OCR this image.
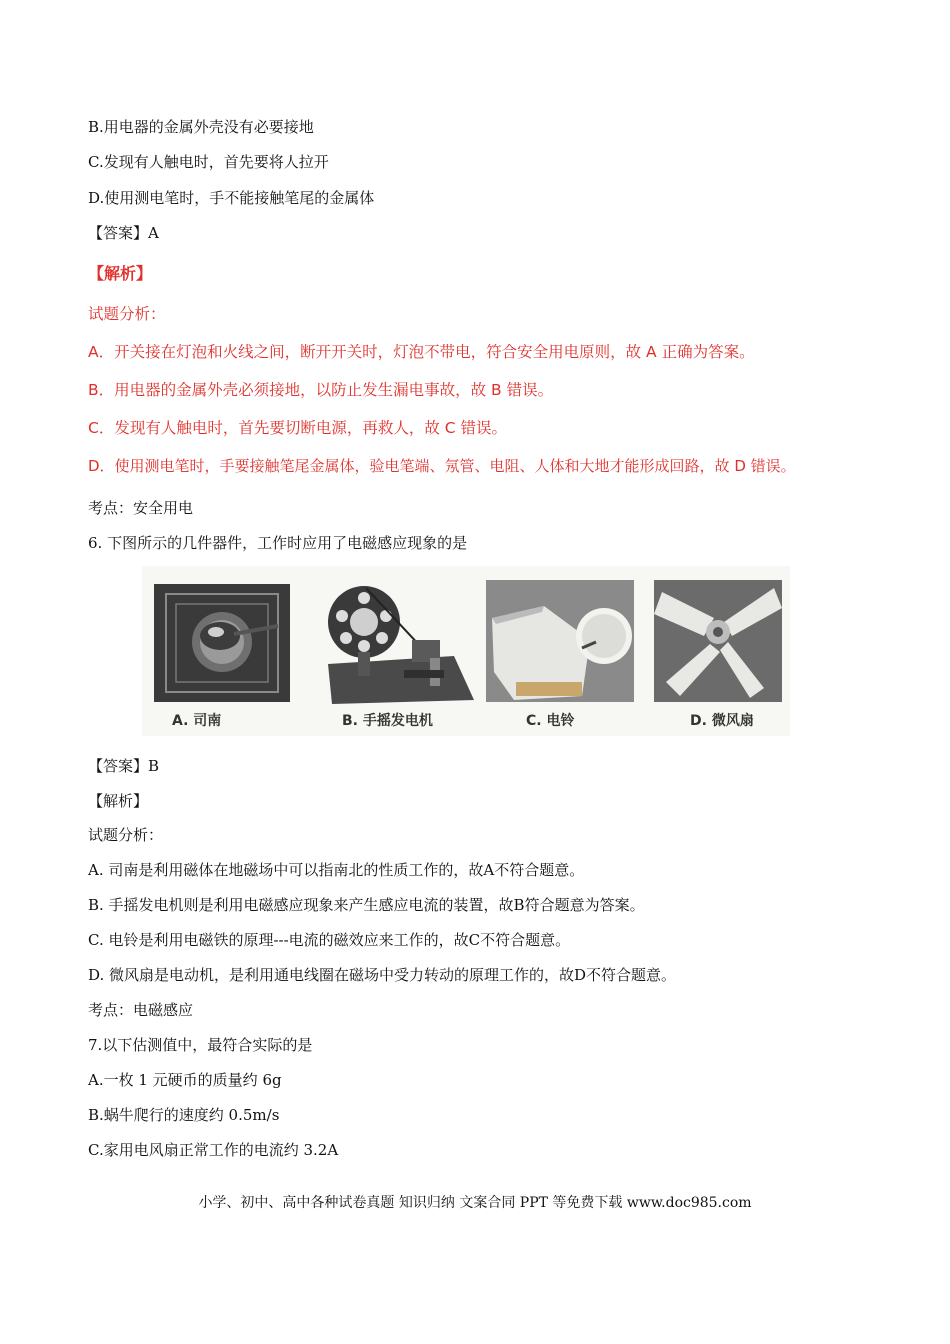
B.用电器的金属外壳没有必要接地
C.发现有人触电时，首先要将人拉开
D.使用测电笔时，手不能接触笔尾的金属体
【答案】A
【解析】
试题分析：
A．开关接在灯泡和火线之间，断开开关时，灯泡不带电，符合安全用电原则，故 A 正确为答案。
B．用电器的金属外壳必须接地，以防止发生漏电事故，故 B 错误。
C．发现有人触电时，首先要切断电源，再救人，故 C 错误。
D．使用测电笔时，手要接触笔尾金属体，验电笔端、氖管、电阻、人体和大地才能形成回路，故 D 错误。
考点：安全用电
6. 下图所示的几件器件，工作时应用了电磁感应现象的是
A. 司南	B. 手摇发电机	C. 电铃	D. 微风扇
【答案】B
【解析】
试题分析：
A. 司南是利用磁体在地磁场中可以指南北的性质工作的，故A不符合题意。
B. 手摇发电机则是利用电磁感应现象来产生感应电流的装置，故B符合题意为答案。
C. 电铃是利用电磁铁的原理---电流的磁效应来工作的，故C不符合题意。
D. 微风扇是电动机，是利用通电线圈在磁场中受力转动的原理工作的，故D不符合题意。
考点：电磁感应
7.以下估测值中，最符合实际的是
A.一枚 1 元硬币的质量约 6g
B.蜗牛爬行的速度约 0.5m/s
C.家用电风扇正常工作的电流约 3.2A
小学、初中、高中各种试卷真题 知识归纳 文案合同 PPT 等免费下载 www.doc985.com
